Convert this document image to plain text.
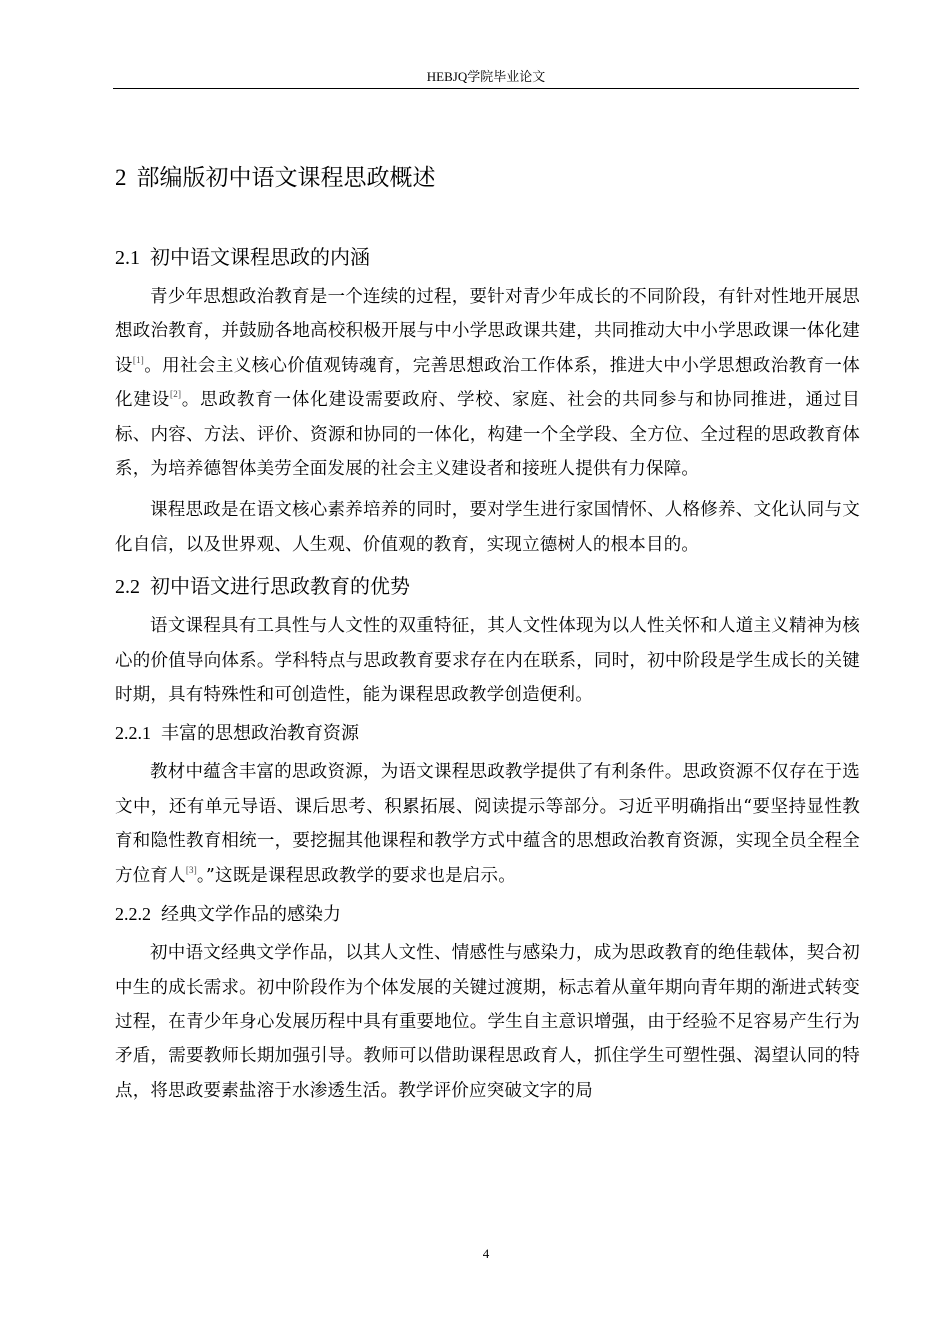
HEBJQ学院毕业论文
2 部编版初中语文课程思政概述
2.1 初中语文课程思政的内涵

青少年思想政治教育是一个连续的过程，要针对青少年成长的不同阶段，有针对性地开展思想政治教育，并鼓励各地高校积极开展与中小学思政课共建，共同推动大中小学思政课一体化建设[1]。用社会主义核心价值观铸魂育，完善思想政治工作体系，推进大中小学思想政治教育一体化建设[2]。思政教育一体化建设需要政府、学校、家庭、社会的共同参与和协同推进，通过目标、内容、方法、评价、资源和协同的一体化，构建一个全学段、全方位、全过程的思政教育体系，为培养德智体美劳全面发展的社会主义建设者和接班人提供有力保障。

课程思政是在语文核心素养培养的同时，要对学生进行家国情怀、人格修养、文化认同与文化自信，以及世界观、人生观、价值观的教育，实现立德树人的根本目的。

2.2 初中语文进行思政教育的优势

语文课程具有工具性与人文性的双重特征，其人文性体现为以人性关怀和人道主义精神为核心的价值导向体系。学科特点与思政教育要求存在内在联系，同时，初中阶段是学生成长的关键时期，具有特殊性和可创造性，能为课程思政教学创造便利。

2.2.1 丰富的思想政治教育资源

教材中蕴含丰富的思政资源，为语文课程思政教学提供了有利条件。思政资源不仅存在于选文中，还有单元导语、课后思考、积累拓展、阅读提示等部分。习近平明确指出“要坚持显性教育和隐性教育相统一，要挖掘其他课程和教学方式中蕴含的思想政治教育资源，实现全员全程全方位育人[3]。”这既是课程思政教学的要求也是启示。

2.2.2 经典文学作品的感染力

初中语文经典文学作品，以其人文性、情感性与感染力，成为思政教育的绝佳载体，契合初中生的成长需求。初中阶段作为个体发展的关键过渡期，标志着从童年期向青年期的渐进式转变过程，在青少年身心发展历程中具有重要地位。学生自主意识增强，由于经验不足容易产生行为矛盾，需要教师长期加强引导。教师可以借助课程思政育人，抓住学生可塑性强、渴望认同的特点，将思政要素盐溶于水渗透生活。教学评价应突破文字的局

4
